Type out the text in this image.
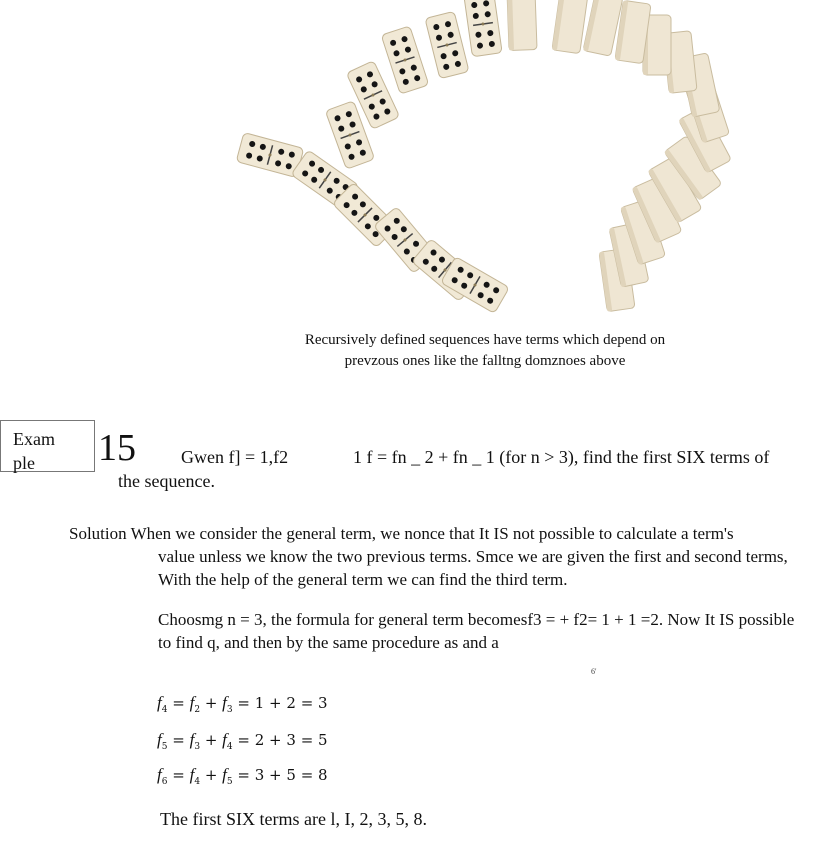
Recursively defined sequences have terms which depend on
prevzous ones like the falltng domznoes above
Exam
ple	15	Gwen f] = 1,f2	1 f = fn _ 2 + fn _ 1 (for n > 3), find the first SIX terms of
the sequence.
Solution When we consider the general term, we nonce that It IS not possible to calculate a term's
value unless we know the two previous terms. Smce we are given the first and second terms,
With the help of the general term we can find the third term.
Choosmg n = 3, the formula for general term becomesf3 = + f2= 1 + 1 =2. Now It IS possible
to find q, and then by the same procedure as and a
6'
$f_4 = f_2 + f_3 = 1 + 2 = 3$
$f_5 = f_3 + f_4 = 2 + 3 = 5$
$f_6 = f_4 + f_5 = 3 + 5 = 8$
The first SIX terms are l, I, 2, 3, 5, 8.
